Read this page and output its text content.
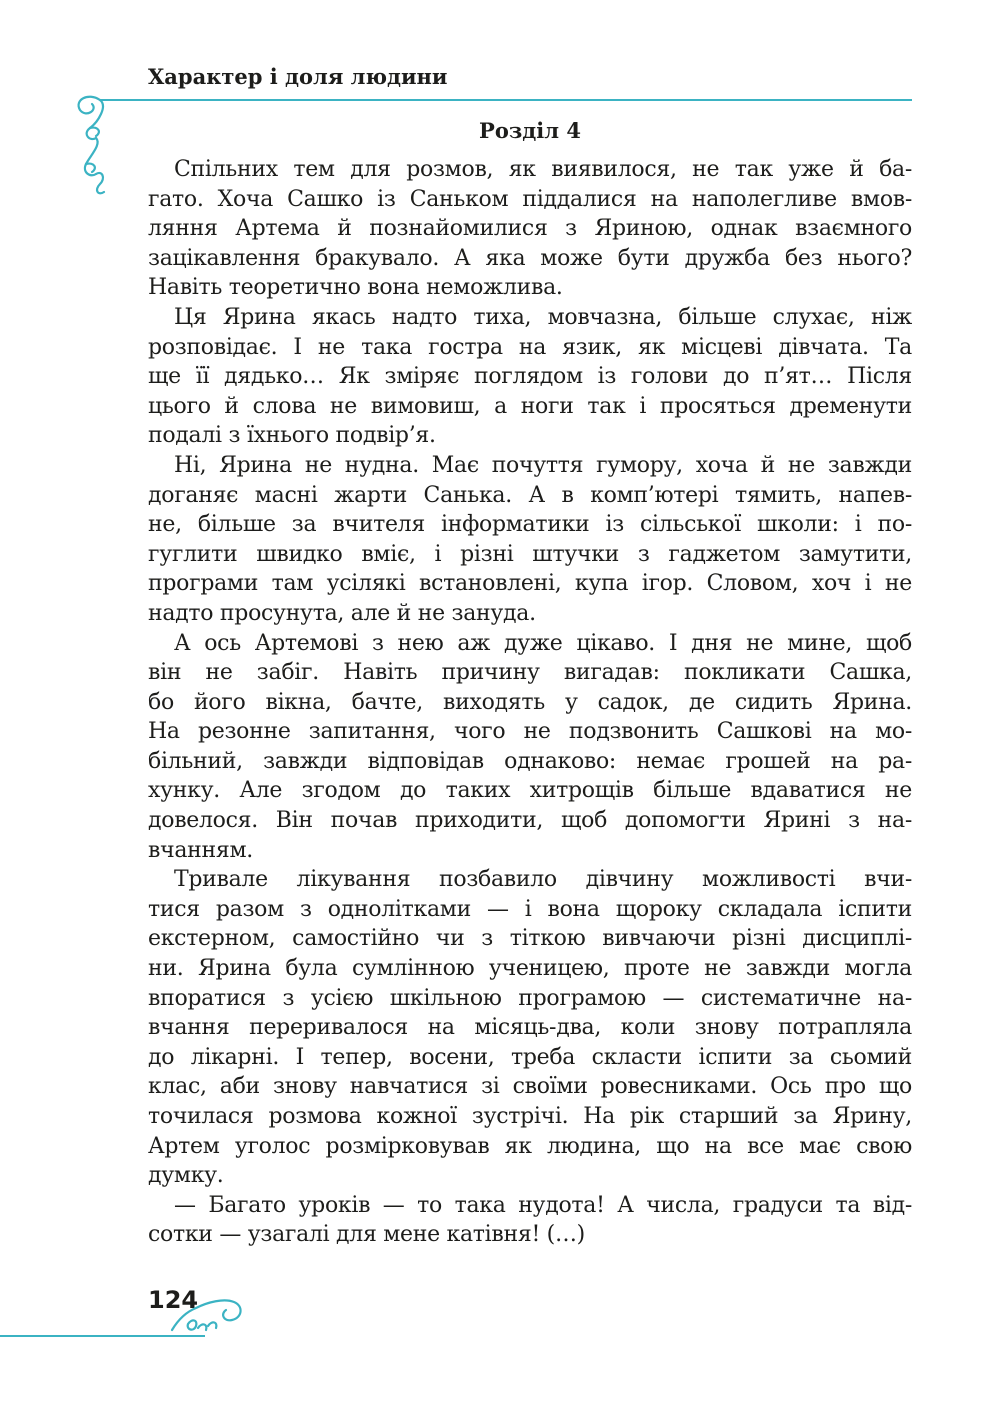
Характер і доля людини
Розділ 4
Спільних тем для розмов, як виявилося, не так уже й ба-
гато. Хоча Сашко із Саньком піддалися на наполегливе вмов-
ляння Артема й познайомилися з Яриною, однак взаємного
зацікавлення бракувало. А яка може бути дружба без нього?
Навіть теоретично вона неможлива.
Ця Ярина якась надто тиха, мовчазна, більше слухає, ніж
розповідає. І не така гостра на язик, як місцеві дівчата. Та
ще її дядько… Як зміряє поглядом із голови до п’ят… Після
цього й слова не вимовиш, а ноги так і просяться дременути
подалі з їхнього подвір’я.
Ні, Ярина не нудна. Має почуття гумору, хоча й не завжди
доганяє масні жарти Санька. А в комп’ютері тямить, напев-
не, більше за вчителя інформатики із сільської школи: і по-
гуглити швидко вміє, і різні штучки з гаджетом замутити,
програми там усілякі встановлені, купа ігор. Словом, хоч і не
надто просунута, але й не зануда.
А ось Артемові з нею аж дуже цікаво. І дня не мине, щоб
він не забіг. Навіть причину вигадав: покликати Сашка,
бо його вікна, бачте, виходять у садок, де сидить Ярина.
На резонне запитання, чого не подзвонить Сашкові на мо-
більний, завжди відповідав однаково: немає грошей на ра-
хунку. Але згодом до таких хитрощів більше вдаватися не
довелося. Він почав приходити, щоб допомогти Ярині з на-
вчанням.
Тривале лікування позбавило дівчину можливості вчи-
тися разом з однолітками — і вона щороку складала іспити
екстерном, самостійно чи з тіткою вивчаючи різні дисциплі-
ни. Ярина була сумлінною ученицею, проте не завжди могла
впоратися з усією шкільною програмою — систематичне на-
вчання переривалося на місяць-два, коли знову потрапляла
до лікарні. І тепер, восени, треба скласти іспити за сьомий
клас, аби знову навчатися зі своїми ровесниками. Ось про що
точилася розмова кожної зустрічі. На рік старший за Ярину,
Артем уголос розмірковував як людина, що на все має свою
думку.
— Багато уроків — то така нудота! А числа, градуси та від-
сотки — узагалі для мене катівня! (…)
124
